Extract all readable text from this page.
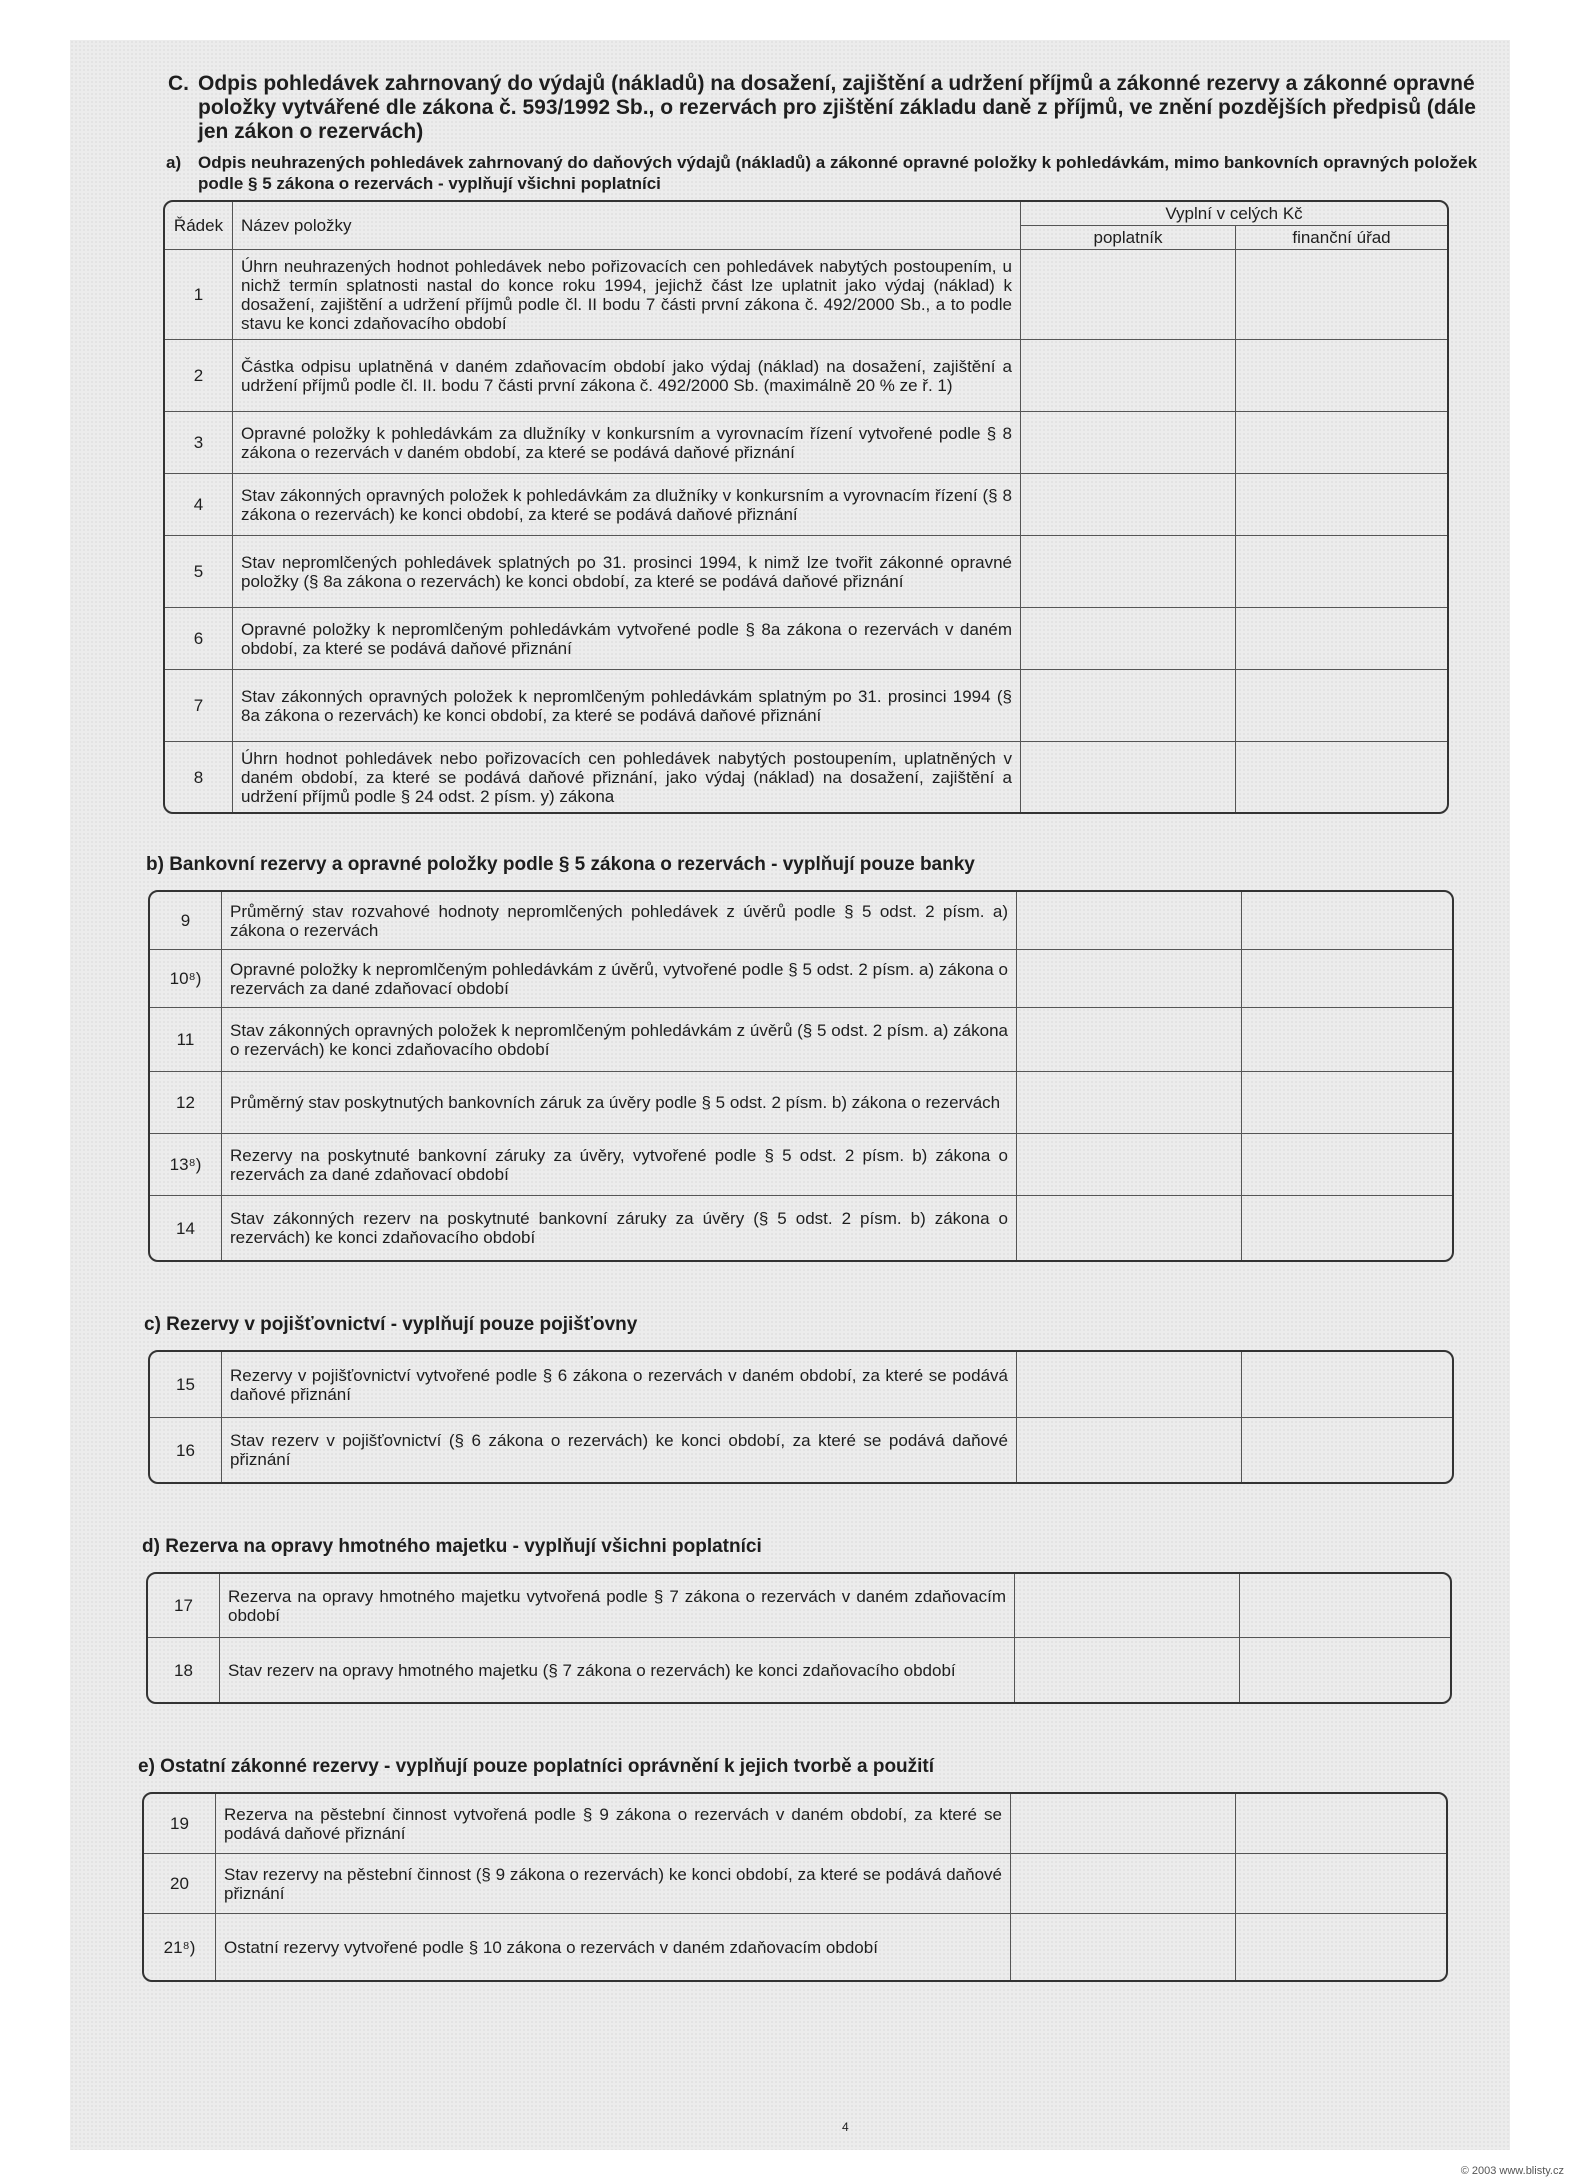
C. Odpis pohledávek zahrnovaný do výdajů (nákladů) na dosažení, zajištění a udržení příjmů a zákonné rezervy a zákonné opravné položky vytvářené dle zákona č. 593/1992 Sb., o rezervách pro zjištění základu daně z příjmů, ve znění pozdějších předpisů (dále jen zákon o rezervách)
a) Odpis neuhrazených pohledávek zahrnovaný do daňových výdajů (nákladů) a zákonné opravné položky k pohledávkám, mimo bankovních opravných položek podle § 5 zákona o rezervách - vyplňují všichni poplatníci
Řádek	Název položky	Vyplní v celých Kč	
		poplatník	finanční úřad
1	Úhrn neuhrazených hodnot pohledávek nebo pořizovacích cen pohledávek nabytých postoupením, u nichž termín splatnosti nastal do konce roku 1994, jejichž část lze uplatnit jako výdaj (náklad) k dosažení, zajištění a udržení příjmů podle čl. II bodu 7 části první zákona č. 492/2000 Sb., a to podle stavu ke konci zdaňovacího období		
2	Částka odpisu uplatněná v daném zdaňovacím období jako výdaj (náklad) na dosažení, zajištění a udržení příjmů podle čl. II. bodu 7 části první zákona č. 492/2000 Sb. (maximálně 20 % ze ř. 1)		
3	Opravné položky k pohledávkám za dlužníky v konkursním a vyrovnacím řízení vytvořené podle § 8 zákona o rezervách v daném období, za které se podává daňové přiznání		
4	Stav zákonných opravných položek k pohledávkám za dlužníky v konkursním a vyrovnacím řízení (§ 8 zákona o rezervách) ke konci období, za které se podává daňové přiznání		
5	Stav nepromlčených pohledávek splatných po 31. prosinci 1994, k nimž lze tvořit zákonné opravné položky (§ 8a zákona o rezervách) ke konci období, za které se podává daňové přiznání		
6	Opravné položky k nepromlčeným pohledávkám vytvořené podle § 8a zákona o rezervách v daném období, za které se podává daňové přiznání		
7	Stav zákonných opravných položek k nepromlčeným pohledávkám splatným po 31. prosinci 1994 (§ 8a zákona o rezervách) ke konci období, za které se podává daňové přiznání		
8	Úhrn hodnot pohledávek nebo pořizovacích cen pohledávek nabytých postoupením, uplatněných v daném období, za které se podává daňové přiznání, jako výdaj (náklad) na dosažení, zajištění a udržení příjmů podle § 24 odst. 2 písm. y) zákona		
b) Bankovní rezervy a opravné položky podle § 5 zákona o rezervách - vyplňují pouze banky
9	Průměrný stav rozvahové hodnoty nepromlčených pohledávek z úvěrů podle § 5 odst. 2 písm. a) zákona o rezervách		
10⁸)	Opravné položky k nepromlčeným pohledávkám z úvěrů, vytvořené podle § 5 odst. 2 písm. a) zákona o rezervách za dané zdaňovací období		
11	Stav zákonných opravných položek k nepromlčeným pohledávkám z úvěrů (§ 5 odst. 2 písm. a) zákona o rezervách) ke konci zdaňovacího období		
12	Průměrný stav poskytnutých bankovních záruk za úvěry podle § 5 odst. 2 písm. b) zákona o rezervách		
13⁸)	Rezervy na poskytnuté bankovní záruky za úvěry, vytvořené podle § 5 odst. 2 písm. b) zákona o rezervách za dané zdaňovací období		
14	Stav zákonných rezerv na poskytnuté bankovní záruky za úvěry (§ 5 odst. 2 písm. b) zákona o rezervách) ke konci zdaňovacího období		
c) Rezervy v pojišťovnictví - vyplňují pouze pojišťovny
15	Rezervy v pojišťovnictví vytvořené podle § 6 zákona o rezervách v daném období, za které se podává daňové přiznání		
16	Stav rezerv v pojišťovnictví (§ 6 zákona o rezervách) ke konci období, za které se podává daňové přiznání		
d) Rezerva na opravy hmotného majetku - vyplňují všichni poplatníci
17	Rezerva na opravy hmotného majetku vytvořená podle § 7 zákona o rezervách v daném zdaňovacím období		
18	Stav rezerv na opravy hmotného majetku (§ 7 zákona o rezervách) ke konci zdaňovacího období		
e) Ostatní zákonné rezervy - vyplňují pouze poplatníci oprávnění k jejich tvorbě a použití
19	Rezerva na pěstební činnost vytvořená podle § 9 zákona o rezervách v daném období, za které se podává daňové přiznání		
20	Stav rezervy na pěstební činnost (§ 9 zákona o rezervách) ke konci období, za které se podává daňové přiznání		
21⁸)	Ostatní rezervy vytvořené podle § 10 zákona o rezervách v daném zdaňovacím období		
4
© 2003 www.blisty.cz
